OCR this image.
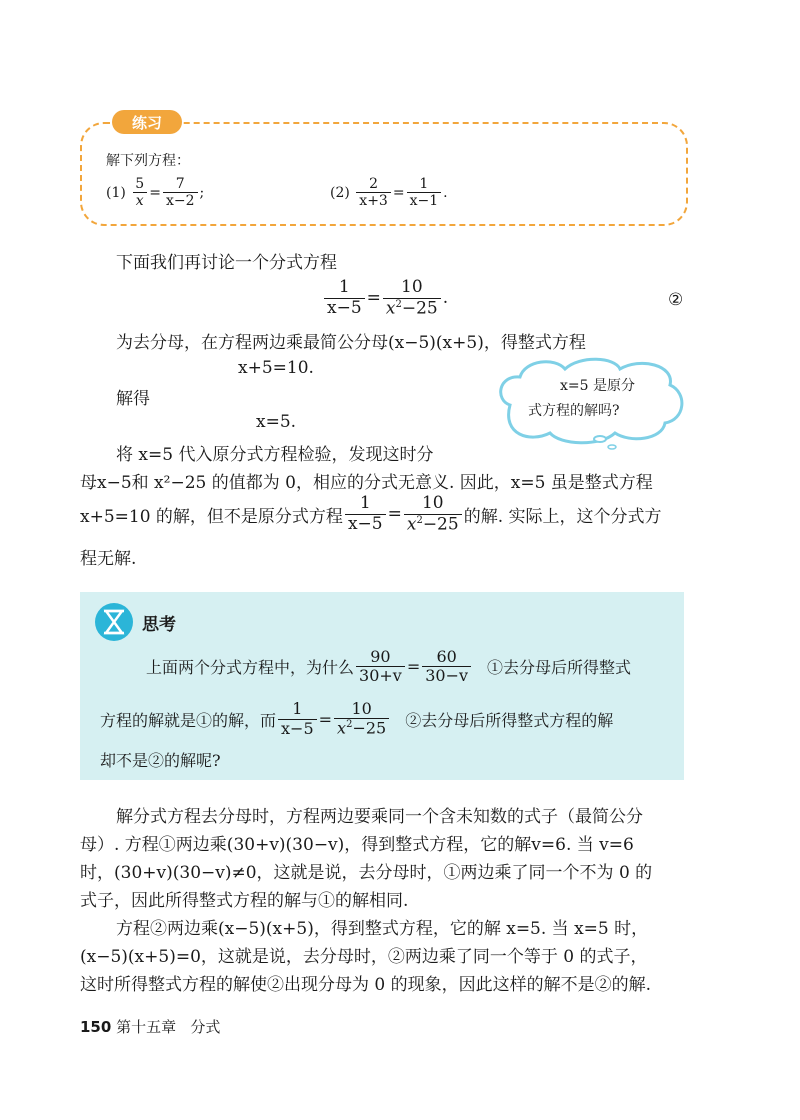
练习
解下列方程：
(1)
$\frac{5}{x} = \frac{7}{x-2}$ ;	(2)
$\frac{2}{x+3} = \frac{1}{x-1}$ .
下面我们再讨论一个分式方程
$\frac{1}{x-5} = \frac{10}{x^2-25}$ .	②
为去分母，在方程两边乘最简公分母(x−5)(x+5)，得整式方程
x+5=10.
解得
x=5.
将 x=5 代入原分式方程检验，发现这时分
母x−5和 x²−25 的值都为 0，相应的分式无意义. 因此，x=5 虽是整式方程
x+5=10 的解，但不是原分式方程 $\frac{1}{x-5} = \frac{10}{x^2-25}$ 的解. 实际上，这个分式方
程无解.
x=5 是原分
式方程的解吗?
思考
上面两个分式方程中，为什么 $\frac{90}{30+v} = \frac{60}{30-v}$ ①去分母后所得整式
方程的解就是①的解，而 $\frac{1}{x-5} = \frac{10}{x^2-25}$ ②去分母后所得整式方程的解
却不是②的解呢?
解分式方程去分母时，方程两边要乘同一个含未知数的式子（最简公分
母）. 方程①两边乘(30+v)(30−v)，得到整式方程，它的解v=6. 当 v=6
时，(30+v)(30−v)≠0，这就是说，去分母时，①两边乘了同一个不为 0 的
式子，因此所得整式方程的解与①的解相同.
方程②两边乘(x−5)(x+5)，得到整式方程，它的解 x=5. 当 x=5 时，
(x−5)(x+5)=0，这就是说，去分母时，②两边乘了同一个等于 0 的式子，
这时所得整式方程的解使②出现分母为 0 的现象，因此这样的解不是②的解.
150 第十五章 分式
